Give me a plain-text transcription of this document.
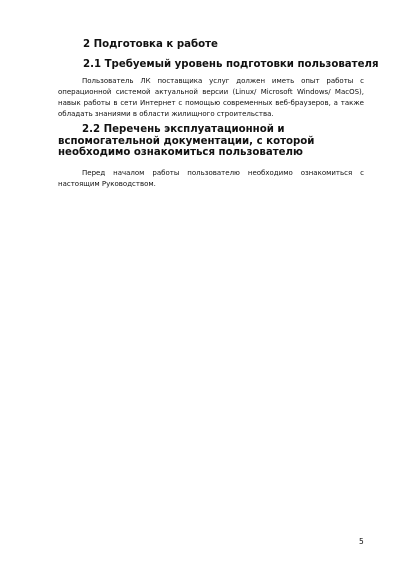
2 Подготовка к работе
2.1 Требуемый уровень подготовки пользователя
Пользователь ЛК поставщика услуг должен иметь опыт работы с операционной системой актуальной версии (Linux/ Microsoft Windows/ MacOS), навык работы в сети Интернет с помощью современных веб-браузеров, а также обладать знаниями в области жилищного строительства.
2.2 Перечень эксплуатационной и вспомогательной документации, с которой необходимо ознакомиться пользователю
Перед началом работы пользователю необходимо ознакомиться с настоящим Руководством.
5
